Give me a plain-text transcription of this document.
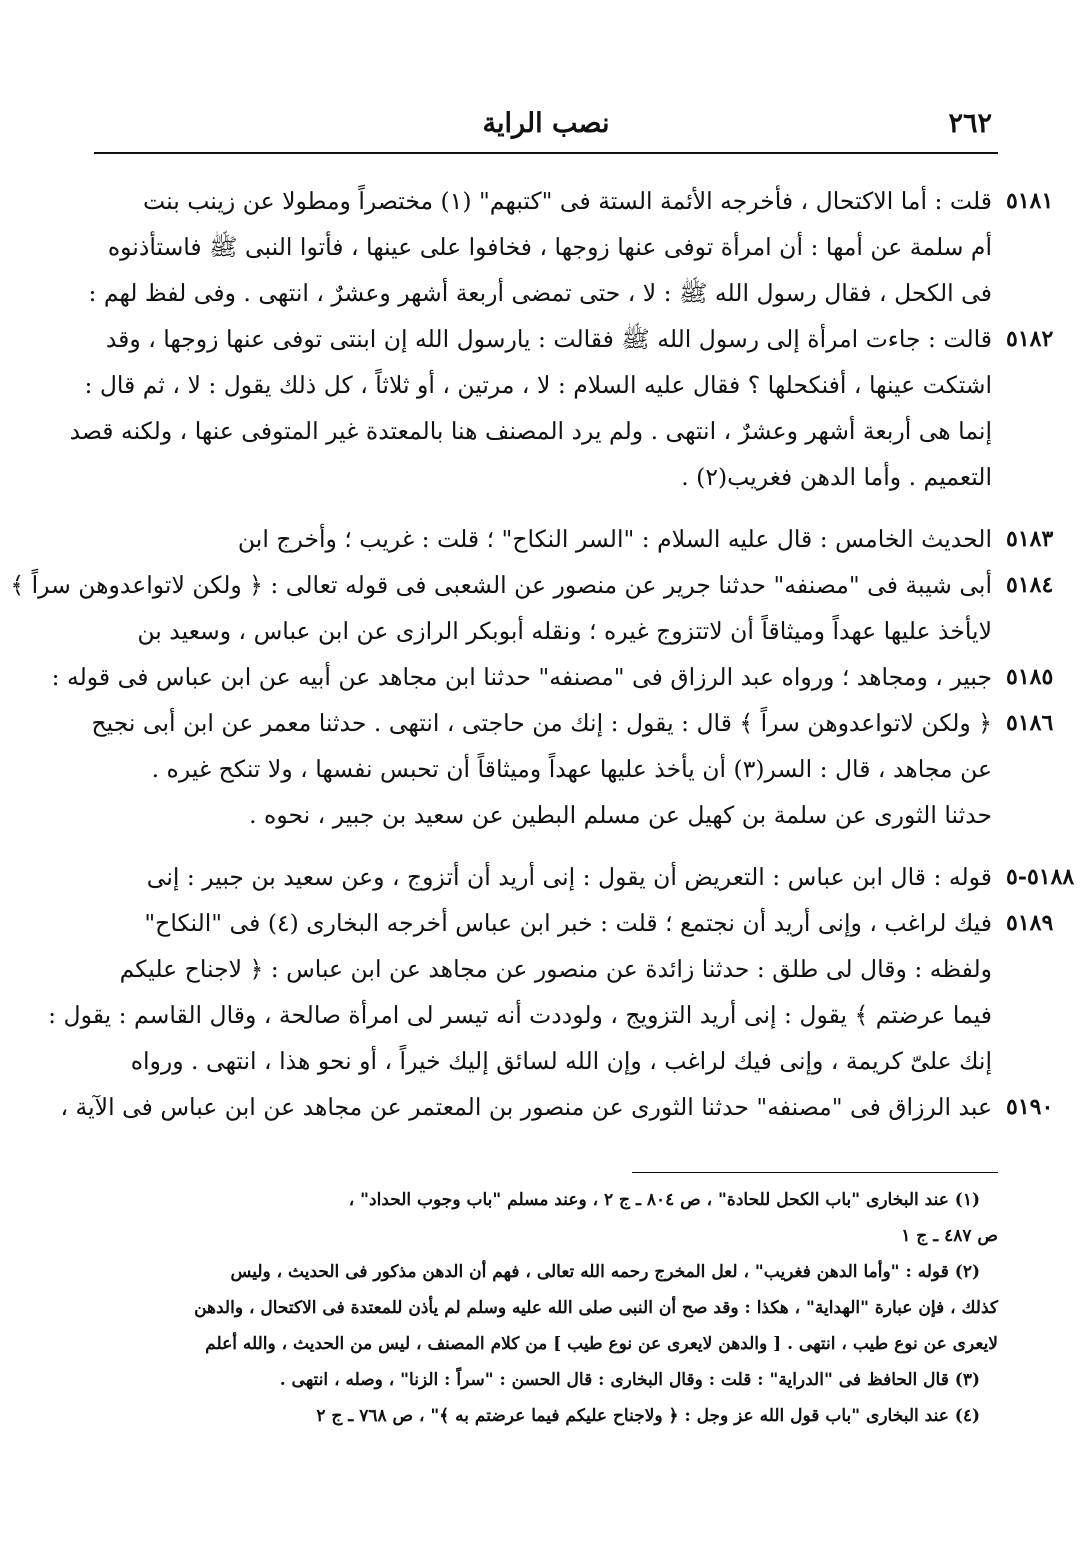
٢٦٢
نصب الراية
٥١٨١
قلت : أما الاكتحال ، فأخرجه الأئمة الستة فى "كتبهم" (١) مختصراً ومطولا عن زينب بنت
أم سلمة عن أمها : أن امرأة توفى عنها زوجها ، فخافوا على عينها ، فأتوا النبى ﷺ فاستأذنوه
فى الكحل ، فقال رسول الله ﷺ : لا ، حتى تمضى أربعة أشهر وعشرٌ ، انتهى . وفى لفظ لهم :
٥١٨٢
قالت : جاءت امرأة إلى رسول الله ﷺ فقالت : يارسول الله إن ابنتى توفى عنها زوجها ، وقد
اشتكت عينها ، أفنكحلها ؟ فقال عليه السلام : لا ، مرتين ، أو ثلاثاً ، كل ذلك يقول : لا ، ثم قال :
إنما هى أربعة أشهر وعشرٌ ، انتهى . ولم يرد المصنف هنا بالمعتدة غير المتوفى عنها ، ولكنه قصد
التعميم . وأما الدهن فغريب(٢) .
٥١٨٣
الحديث الخامس : قال عليه السلام : "السر النكاح" ؛ قلت : غريب ؛ وأخرج ابن
٥١٨٤
أبى شيبة فى "مصنفه" حدثنا جرير عن منصور عن الشعبى فى قوله تعالى : ﴿ ولكن لاتواعدوهن سراً ﴾
لايأخذ عليها عهداً وميثاقاً أن لاتتزوج غيره ؛ ونقله أبوبكر الرازى عن ابن عباس ، وسعيد بن
٥١٨٥
جبير ، ومجاهد ؛ ورواه عبد الرزاق فى "مصنفه" حدثنا ابن مجاهد عن أبيه عن ابن عباس فى قوله :
٥١٨٦
﴿ ولكن لاتواعدوهن سراً ﴾ قال : يقول : إنك من حاجتى ، انتهى . حدثنا معمر عن ابن أبى نجيح
عن مجاهد ، قال : السر(٣) أن يأخذ عليها عهداً وميثاقاً أن تحبس نفسها ، ولا تنكح غيره .
حدثنا الثورى عن سلمة بن كهيل عن مسلم البطين عن سعيد بن جبير ، نحوه .
٥١٨٨-٥
قوله : قال ابن عباس : التعريض أن يقول : إنى أريد أن أتزوج ، وعن سعيد بن جبير : إنى
٥١٨٩
فيك لراغب ، وإنى أريد أن نجتمع ؛ قلت : خبر ابن عباس أخرجه البخارى (٤) فى "النكاح"
ولفظه : وقال لى طلق : حدثنا زائدة عن منصور عن مجاهد عن ابن عباس : ﴿ لاجناح عليكم
فيما عرضتم ﴾ يقول : إنى أريد التزويج ، ولوددت أنه تيسر لى امرأة صالحة ، وقال القاسم : يقول :
إنك علىّ كريمة ، وإنى فيك لراغب ، وإن الله لسائق إليك خيراً ، أو نحو هذا ، انتهى . ورواه
٥١٩٠
عبد الرزاق فى "مصنفه" حدثنا الثورى عن منصور بن المعتمر عن مجاهد عن ابن عباس فى الآية ،
(١) عند البخارى "باب الكحل للحادة" ، ص ٨٠٤ ـ ج ٢ ، وعند مسلم "باب وجوب الحداد" ،
ص ٤٨٧ ـ ج ١
(٢) قوله : "وأما الدهن فغريب" ، لعل المخرج رحمه الله تعالى ، فهم أن الدهن مذكور فى الحديث ، وليس
كذلك ، فإن عبارة "الهداية" ، هكذا : وقد صح أن النبى صلى الله عليه وسلم لم يأذن للمعتدة فى الاكتحال ، والدهن
لايعرى عن نوع طيب ، انتهى . [ والدهن لايعرى عن نوع طيب ] من كلام المصنف ، ليس من الحديث ، والله أعلم
(٣) قال الحافظ فى "الدراية" : قلت : وقال البخارى : قال الحسن : "سراً : الزنا" ، وصله ، انتهى .
(٤) عند البخارى "باب قول الله عز وجل : ﴿ ولاجناح عليكم فيما عرضتم به ﴾" ، ص ٧٦٨ ـ ج ٢
